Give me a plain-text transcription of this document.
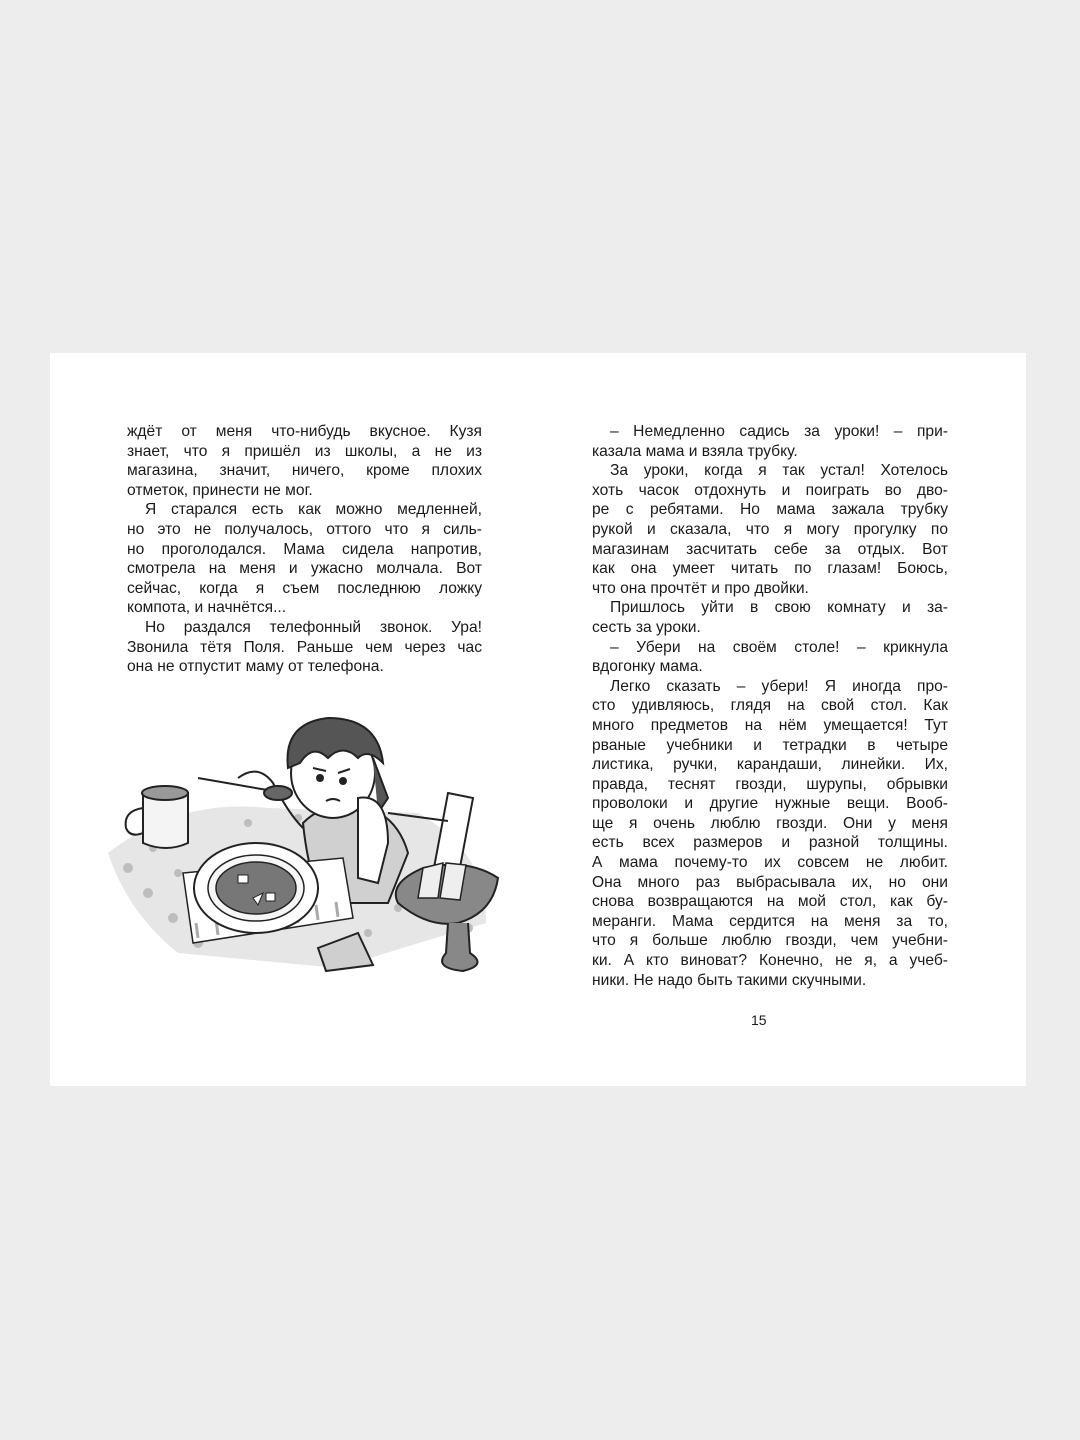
ждёт от меня что-нибудь вкусное. Кузя
знает, что я пришёл из школы, а не из
магазина, значит, ничего, кроме плохих
отметок, принести не мог.
Я старался есть как можно медленней,
но это не получалось, оттого что я силь-
но проголодался. Мама сидела напротив,
смотрела на меня и ужасно молчала. Вот
сейчас, когда я съем последнюю ложку
компота, и начнётся...
Но раздался телефонный звонок. Ура!
Звонила тётя Поля. Раньше чем через час
она не отпустит маму от телефона.
– Немедленно садись за уроки! – при-
казала мама и взяла трубку.
За уроки, когда я так устал! Хотелось
хоть часок отдохнуть и поиграть во дво-
ре с ребятами. Но мама зажала трубку
рукой и сказала, что я могу прогулку по
магазинам засчитать себе за отдых. Вот
как она умеет читать по глазам! Боюсь,
что она прочтёт и про двойки.
Пришлось уйти в свою комнату и за-
сесть за уроки.
– Убери на своём столе! – крикнула
вдогонку мама.
Легко сказать – убери! Я иногда про-
сто удивляюсь, глядя на свой стол. Как
много предметов на нём умещается! Тут
рваные учебники и тетрадки в четыре
листика, ручки, карандаши, линейки. Их,
правда, теснят гвозди, шурупы, обрывки
проволоки и другие нужные вещи. Вооб-
ще я очень люблю гвозди. Они у меня
есть всех размеров и разной толщины.
А мама почему-то их совсем не любит.
Она много раз выбрасывала их, но они
снова возвращаются на мой стол, как бу-
меранги. Мама сердится на меня за то,
что я больше люблю гвозди, чем учебни-
ки. А кто виноват? Конечно, не я, а учеб-
ники. Не надо быть такими скучными.
15
